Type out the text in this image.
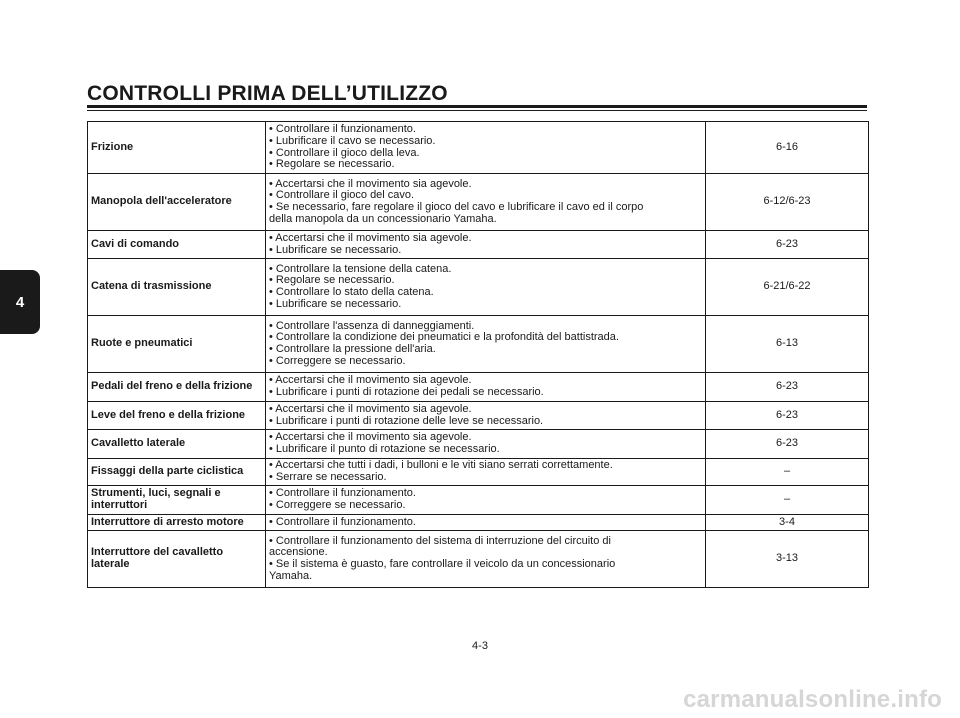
CONTROLLI PRIMA DELL’UTILIZZO
4
Frizione	• Controllare il funzionamento.
• Lubrificare il cavo se necessario.
• Controllare il gioco della leva.
• Regolare se necessario.	6-16
Manopola dell'acceleratore	• Accertarsi che il movimento sia agevole.
• Controllare il gioco del cavo.
• Se necessario, fare regolare il gioco del cavo e lubrificare il cavo ed il corpo
della manopola da un concessionario Yamaha.	6-12/6-23
Cavi di comando	• Accertarsi che il movimento sia agevole.
• Lubrificare se necessario.	6-23
Catena di trasmissione	• Controllare la tensione della catena.
• Regolare se necessario.
• Controllare lo stato della catena.
• Lubrificare se necessario.	6-21/6-22
Ruote e pneumatici	• Controllare l'assenza di danneggiamenti.
• Controllare la condizione dei pneumatici e la profondità del battistrada.
• Controllare la pressione dell'aria.
• Correggere se necessario.	6-13
Pedali del freno e della frizione	• Accertarsi che il movimento sia agevole.
• Lubrificare i punti di rotazione dei pedali se necessario.	6-23
Leve del freno e della frizione	• Accertarsi che il movimento sia agevole.
• Lubrificare i punti di rotazione delle leve se necessario.	6-23
Cavalletto laterale	• Accertarsi che il movimento sia agevole.
• Lubrificare il punto di rotazione se necessario.	6-23
Fissaggi della parte ciclistica	• Accertarsi che tutti i dadi, i bulloni e le viti siano serrati correttamente.
• Serrare se necessario.	–
Strumenti, luci, segnali e interruttori	• Controllare il funzionamento.
• Correggere se necessario.	–
Interruttore di arresto motore	• Controllare il funzionamento.	3-4
Interruttore del cavalletto laterale	• Controllare il funzionamento del sistema di interruzione del circuito di
accensione.
• Se il sistema è guasto, fare controllare il veicolo da un concessionario
Yamaha.	3-13
4-3
carmanualsonline.info
